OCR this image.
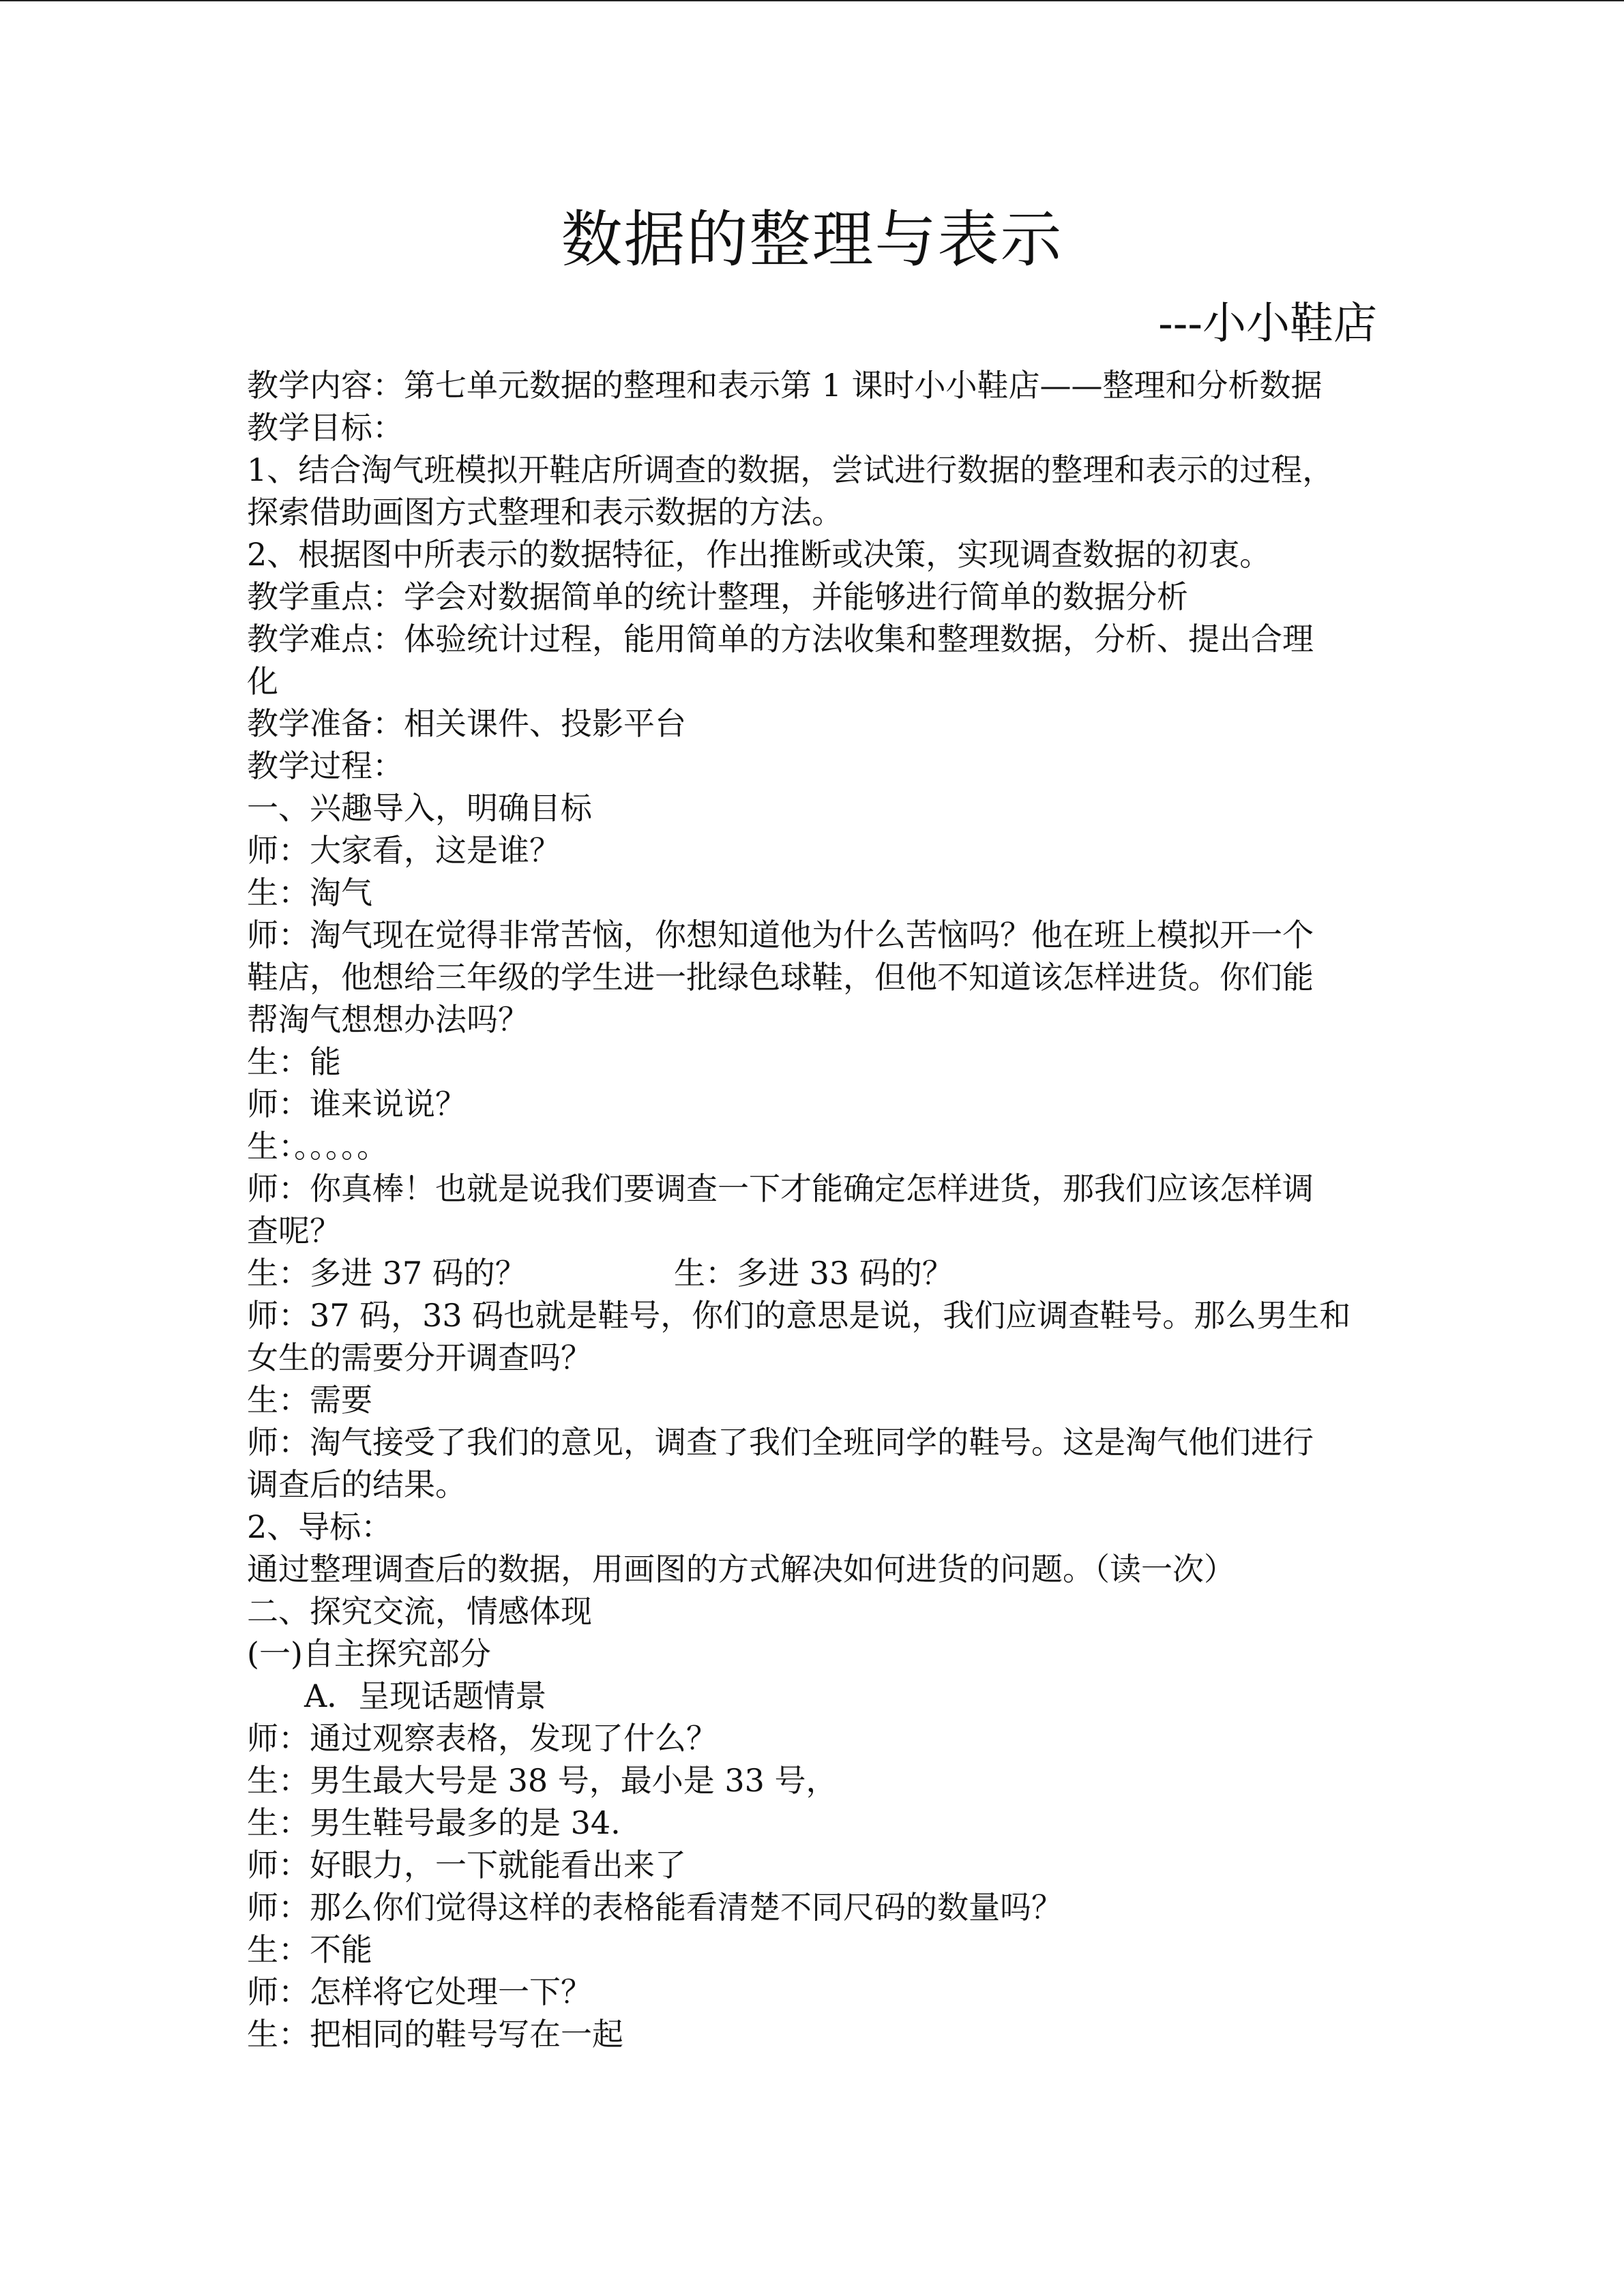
数据的整理与表示
---小小鞋店
教学内容：第七单元数据的整理和表示第 1 课时小小鞋店——整理和分析数据
教学目标：
1、结合淘气班模拟开鞋店所调查的数据，尝试进行数据的整理和表示的过程，
探索借助画图方式整理和表示数据的方法。
2、根据图中所表示的数据特征，作出推断或决策，实现调查数据的初衷。
教学重点：学会对数据简单的统计整理，并能够进行简单的数据分析
教学难点：体验统计过程，能用简单的方法收集和整理数据，分析、提出合理
化
教学准备：相关课件、投影平台
教学过程：
一、兴趣导入，明确目标
师：大家看，这是谁？
生：淘气
师：淘气现在觉得非常苦恼，你想知道他为什么苦恼吗？他在班上模拟开一个
鞋店，他想给三年级的学生进一批绿色球鞋，但他不知道该怎样进货。你们能
帮淘气想想办法吗？
生：能
师：谁来说说？
生：。。。。。
师：你真棒！也就是说我们要调查一下才能确定怎样进货，那我们应该怎样调
查呢？
生：多进 37 码的？	生：多进 33 码的？
师：37 码，33 码也就是鞋号，你们的意思是说，我们应调查鞋号。那么男生和
女生的需要分开调查吗？
生：需要
师：淘气接受了我们的意见，调查了我们全班同学的鞋号。这是淘气他们进行
调查后的结果。
2、导标：
通过整理调查后的数据，用画图的方式解决如何进货的问题。（读一次）
二、探究交流，情感体现
(一)自主探究部分
A．呈现话题情景
师：通过观察表格，发现了什么？
生：男生最大号是 38 号，最小是 33 号，
生：男生鞋号最多的是 34.
师：好眼力，一下就能看出来了
师：那么你们觉得这样的表格能看清楚不同尺码的数量吗？
生：不能
师：怎样将它处理一下？
生：把相同的鞋号写在一起
